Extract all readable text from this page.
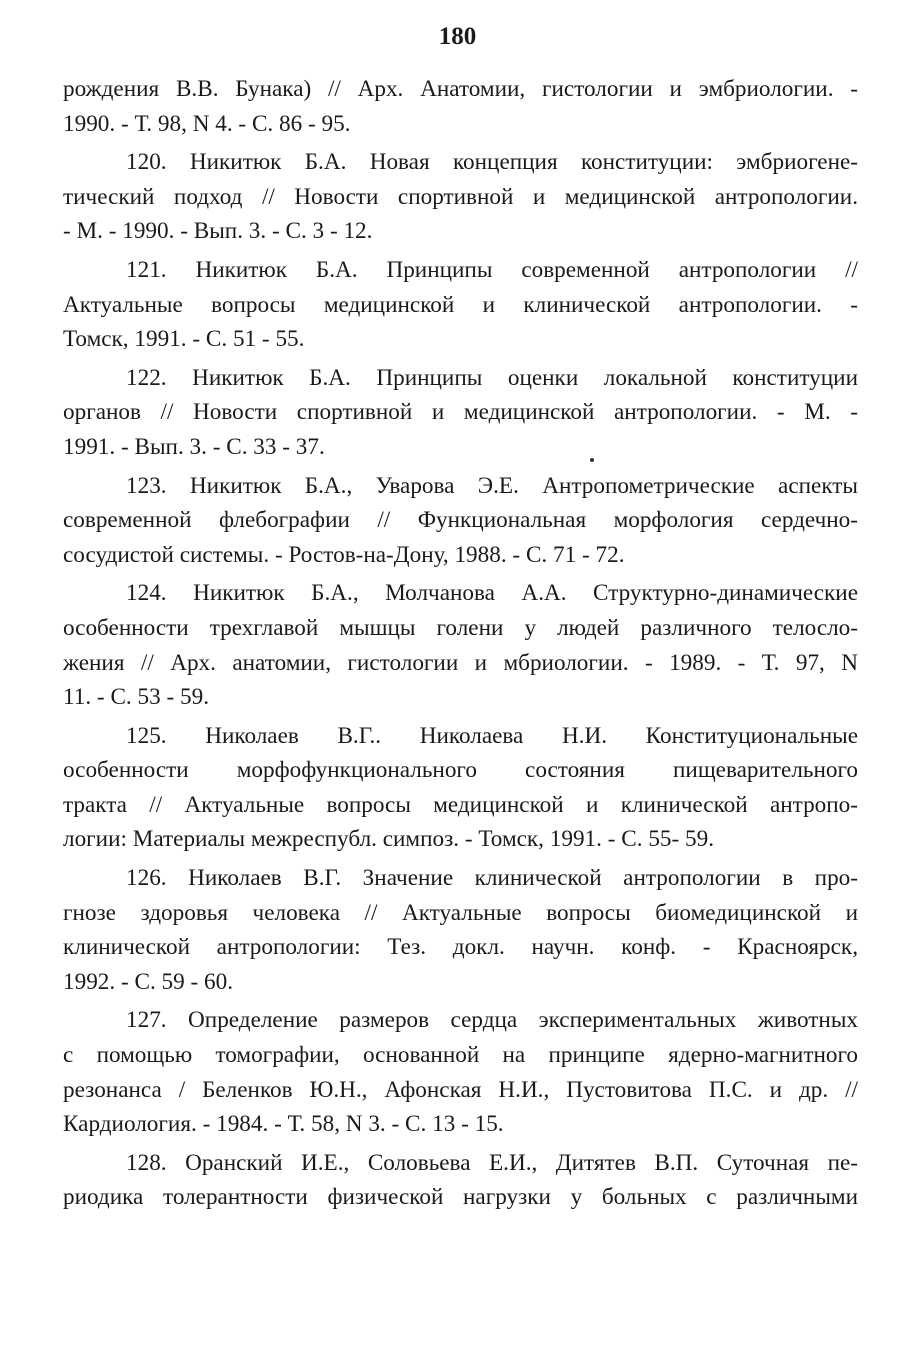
180
рождения В.В. Бунака) // Арх. Анатомии, гистологии и эмбриологии. -
1990. - Т. 98, N 4. - С. 86 - 95.
120. Никитюк Б.А. Новая концепция конституции: эмбриогене-
тический подход // Новости спортивной и медицинской антропологии.
- М. - 1990. - Вып. 3. - С. 3 - 12.
121. Никитюк Б.А. Принципы современной антропологии //
Актуальные вопросы медицинской и клинической антропологии. -
Томск, 1991. - С. 51 - 55.
122. Никитюк Б.А. Принципы оценки локальной конституции
органов // Новости спортивной и медицинской антропологии. - М. -
1991. - Вып. 3. - С. 33 - 37.
123. Никитюк Б.А., Уварова Э.Е. Антропометрические аспекты
современной флебографии // Функциональная морфология сердечно-
сосудистой системы. - Ростов-на-Дону, 1988. - С. 71 - 72.
124. Никитюк Б.А., Молчанова А.А. Структурно-динамические
особенности трехглавой мышцы голени у людей различного телосло-
жения // Арх. анатомии, гистологии и мбриологии. - 1989. - Т. 97, N
11. - С. 53 - 59.
125. Николаев В.Г.. Николаева Н.И. Конституциональные
особенности морфофункционального состояния пищеварительного
тракта // Актуальные вопросы медицинской и клинической антропо-
логии: Материалы межреспубл. симпоз. - Томск, 1991. - С. 55- 59.
126. Николаев В.Г. Значение клинической антропологии в про-
гнозе здоровья человека // Актуальные вопросы биомедицинской и
клинической антропологии: Тез. докл. научн. конф. - Красноярск,
1992. - С. 59 - 60.
127. Определение размеров сердца экспериментальных животных
с помощью томографии, основанной на принципе ядерно-магнитного
резонанса / Беленков Ю.Н., Афонская Н.И., Пустовитова П.С. и др. //
Кардиология. - 1984. - Т. 58, N 3. - С. 13 - 15.
128. Оранский И.Е., Соловьева Е.И., Дитятев В.П. Суточная пе-
риодика толерантности физической нагрузки у больных с различными
